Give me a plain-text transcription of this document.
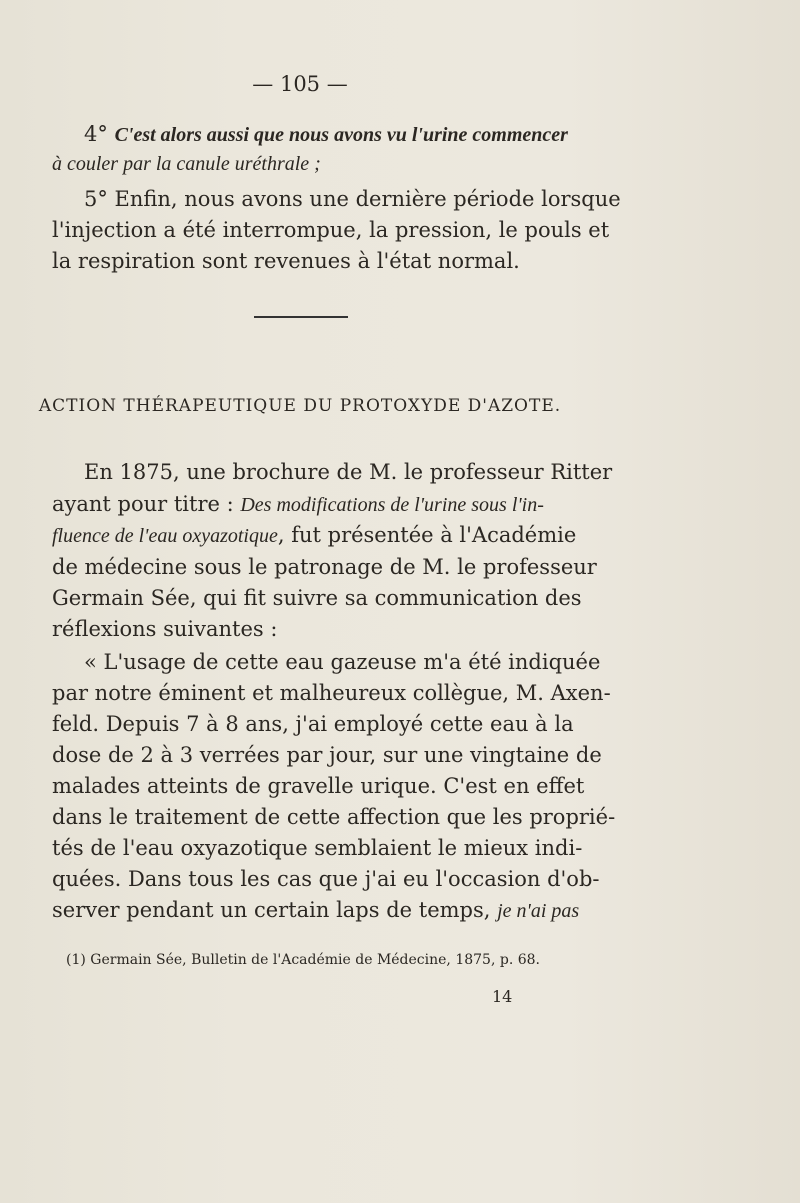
— 105 —
4° C'est alors aussi que nous avons vu l'urine commencer
à couler par la canule uréthrale ;
5° Enfin, nous avons une dernière période lorsque
l'injection a été interrompue, la pression, le pouls et
la respiration sont revenues à l'état normal.
ACTION THÉRAPEUTIQUE DU PROTOXYDE D'AZOTE.
En 1875, une brochure de M. le professeur Ritter
ayant pour titre : Des modifications de l'urine sous l'in-
fluence de l'eau oxyazotique, fut présentée à l'Académie
de médecine sous le patronage de M. le professeur
Germain Sée, qui fit suivre sa communication des
réflexions suivantes :
« L'usage de cette eau gazeuse m'a été indiquée
par notre éminent et malheureux collègue, M. Axen-
feld. Depuis 7 à 8 ans, j'ai employé cette eau à la
dose de 2 à 3 verrées par jour, sur une vingtaine de
malades atteints de gravelle urique. C'est en effet
dans le traitement de cette affection que les proprié-
tés de l'eau oxyazotique semblaient le mieux indi-
quées. Dans tous les cas que j'ai eu l'occasion d'ob-
server pendant un certain laps de temps, je n'ai pas
(1) Germain Sée, Bulletin de l'Académie de Médecine, 1875, p. 68.
14
